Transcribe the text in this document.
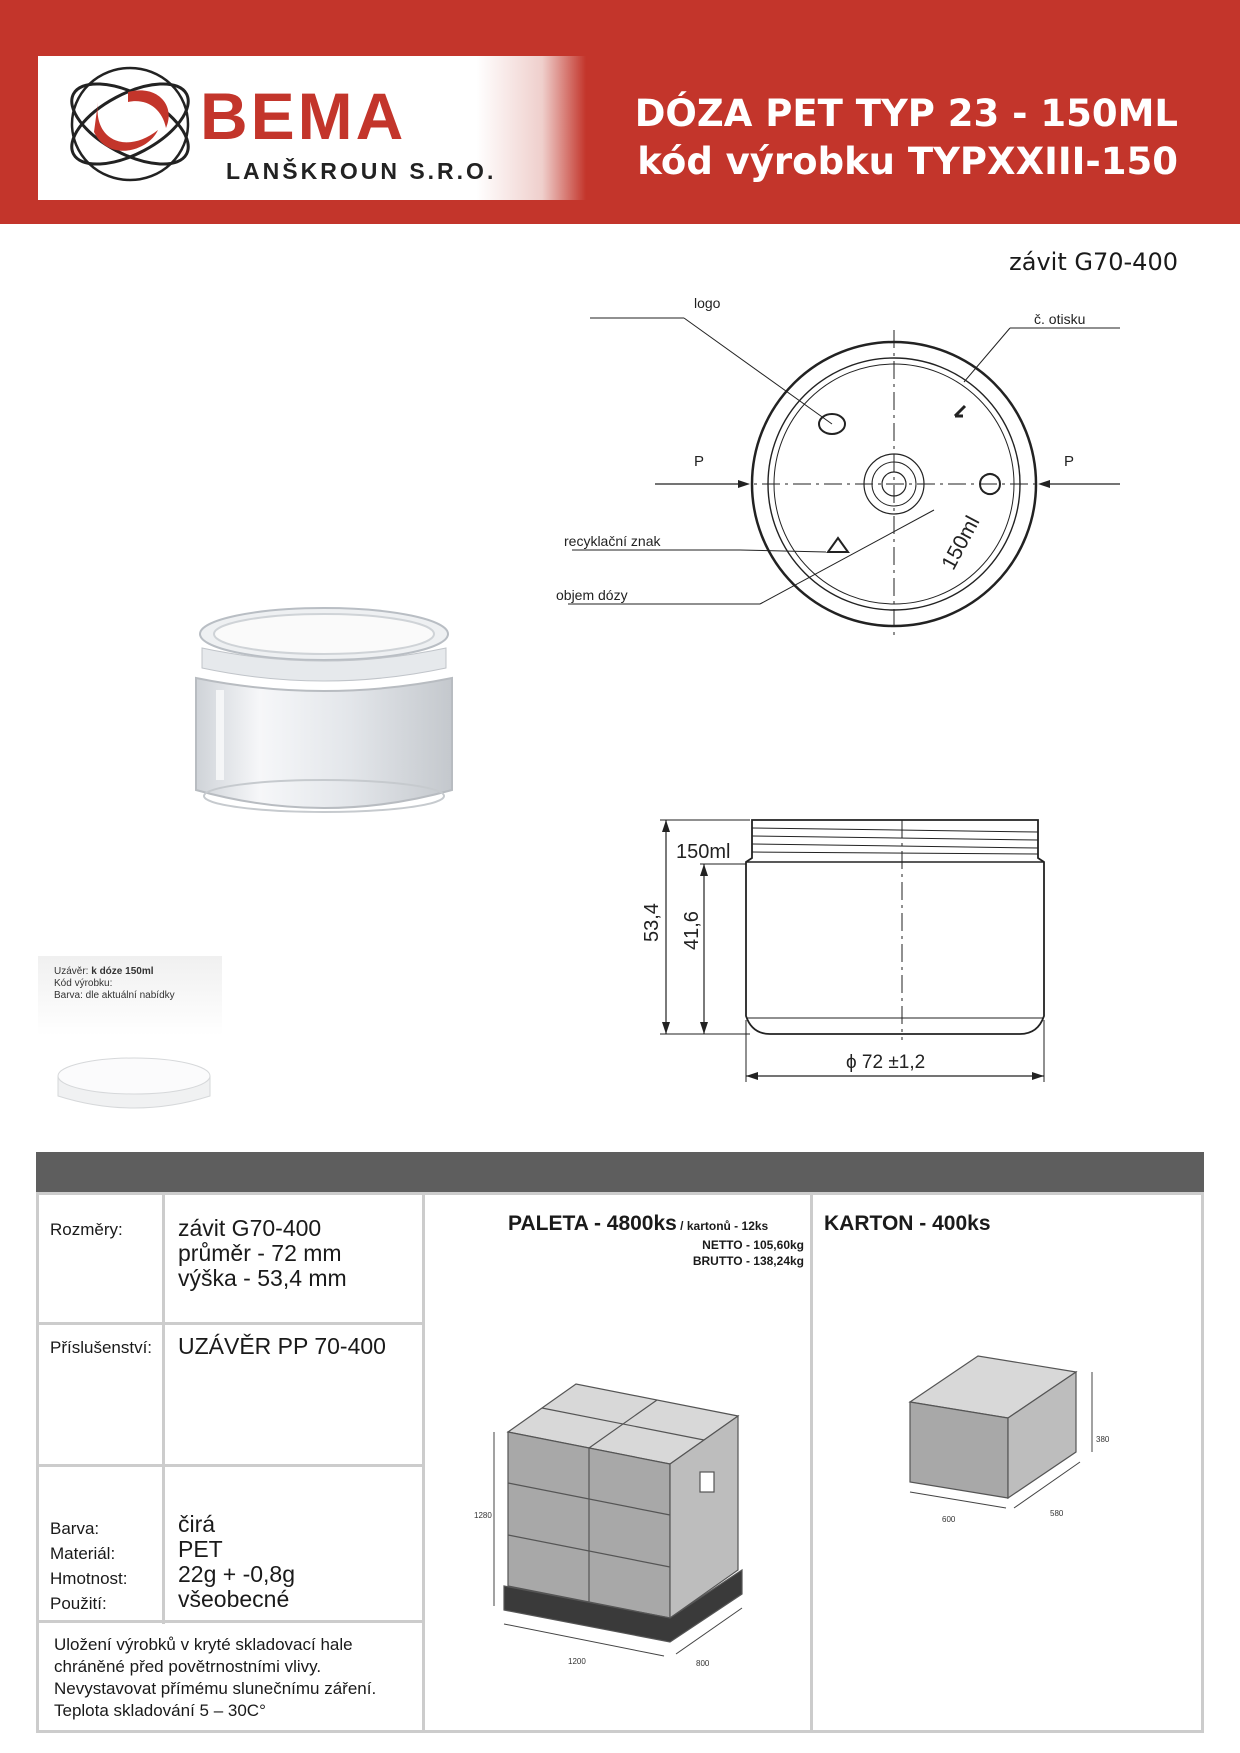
BEMA
LANŠKROUN S.R.O.
DÓZA PET TYP 23 - 150ML
kód výrobku TYPXXIII-150
závit G70-400
P	P
logo
č. otisku
recyklační znak
objem dózy
150ml
150ml
53,4 41,6
ϕ 72 ±1,2
Uzávěr: k dóze 150ml
Kód výrobku:
Barva: dle aktuální nabídky
Rozměry: závit G70-400
průměr - 72 mm
výška - 53,4 mm
Příslušenství: UZÁVĚR PP 70-400
Barva:
Materiál:
Hmotnost:
Použití:
čirá
PET
22g + -0,8g
všeobecné
Uložení výrobků v kryté skladovací hale
chráněné před povětrnostními vlivy.
Nevystavovat přímému slunečnímu záření.
Teplota skladování 5 – 30C°
PALETA - 4800ks / kartonů - 12ks
NETTO - 105,60kg
BRUTTO - 138,24kg
1280
1200	800
KARTON - 400ks
380
600
580
